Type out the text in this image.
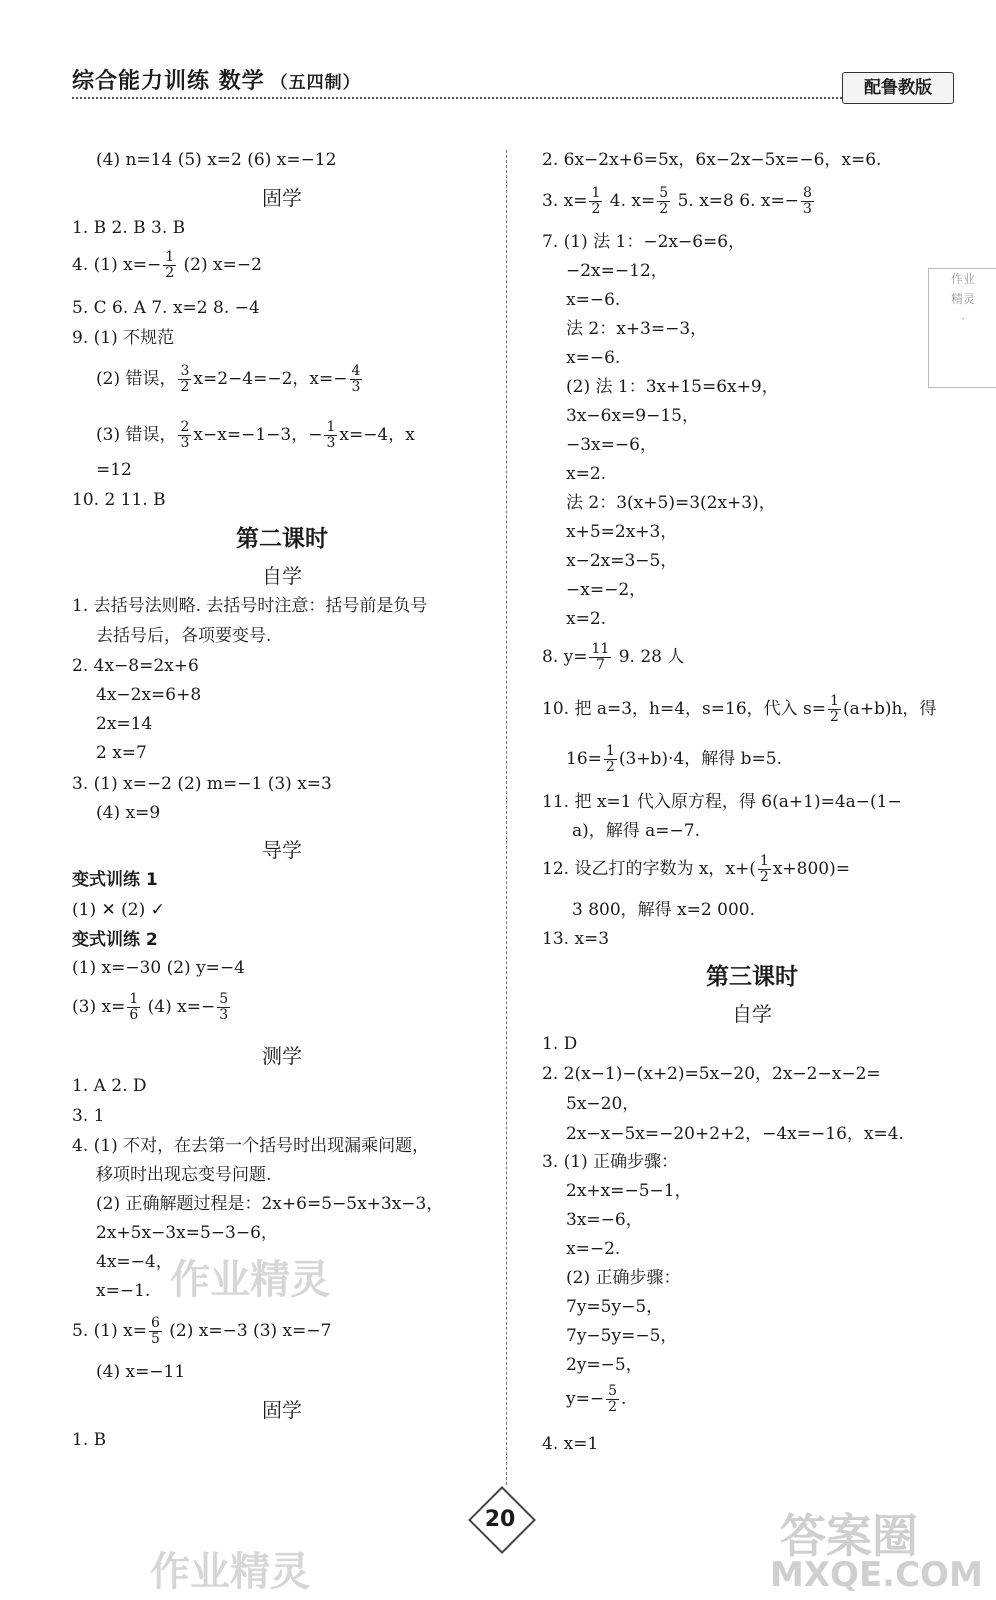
综合能力训练 数学 （五四制）	配鲁教版
(4) n=14 (5) x=2 (6) x=−12
固学
1. B 2. B 3. B
4. (1) $x=- \frac{1}{2} (2)$ x=−2
5. C 6. A 7. x=2 8. −4
9. (1) 不规范
(2) 错误， $\frac{3}{2} x=2-4=-2$，$x=- \frac{4}{3}$
(3) 错误， $\frac{2}{3} x-x=-1-3$，− $\frac{1}{3} x=-4$，x
=12
10. 2 11. B
第二课时
自学
1. 去括号法则略. 去括号时注意：括号前是负号
去括号后，各项要变号.
2. 4x−8=2x+6
4x−2x=6+8
2x=14
2 x=7
3. (1) x=−2 (2) m=−1 (3) x=3
(4) x=9
导学
变式训练 1
(1) ✕ (2) ✓
变式训练 2
(1) x=−30 (2) y=−4
(3) $x= \frac{1}{6} (4)$ $x=- \frac{5}{3}$
测学
1. A 2. D
3. 1
4. (1) 不对，在去第一个括号时出现漏乘问题，
移项时出现忘变号问题.
(2) 正确解题过程是：2x+6=5−5x+3x−3，
2x+5x−3x=5−3−6，
4x=−4，
x=−1.
5. (1) $x= \frac{6}{5} (2)$ x=−3 (3) x=−7
(4) x=−11
固学
1. B
2. 6x−2x+6=5x，6x−2x−5x=−6，x=6.
3. $x= \frac{1}{2} 4$. $x= \frac{5}{2} 5$. x=8 6. $x=- \frac{8}{3}$
7. (1) 法 1：−2x−6=6，
−2x=−12，
x=−6.
法 2：x+3=−3，
x=−6.
(2) 法 1：3x+15=6x+9，
3x−6x=9−15，
−3x=−6，
x=2.
法 2：3(x+5)=3(2x+3)，
x+5=2x+3，
x−2x=3−5，
−x=−2，
x=2.
8. $y= \frac{11}{7} 9$. 28 人
10. 把 a=3，h=4，s=16，代入 $s= \frac{1}{2} (a+b)h$，得
$16= \frac{1}{2} (3+b)\cdot 4$，解得 b=5.
11. 把 x=1 代入原方程，得 6(a+1)=4a−(1−
a)，解得 a=−7.
12. 设乙打的字数为 x，$x+( \frac{1}{2} x+800)=$
3 800，解得 x=2 000.
13. x=3
第三课时
自学
1. D
2. 2(x−1)−(x+2)=5x−20，2x−2−x−2=
5x−20，
2x−x−5x=−20+2+2，−4x=−16，x=4.
3. (1) 正确步骤：
2x+x=−5−1，
3x=−6，
x=−2.
(2) 正确步骤：
7y=5y−5，
7y−5y=−5，
2y=−5，
$y=- \frac{5}{2}$ .
4. x=1
作业
精灵
·
20
作业精灵
作业精灵
答案圈
MXQE.COM
